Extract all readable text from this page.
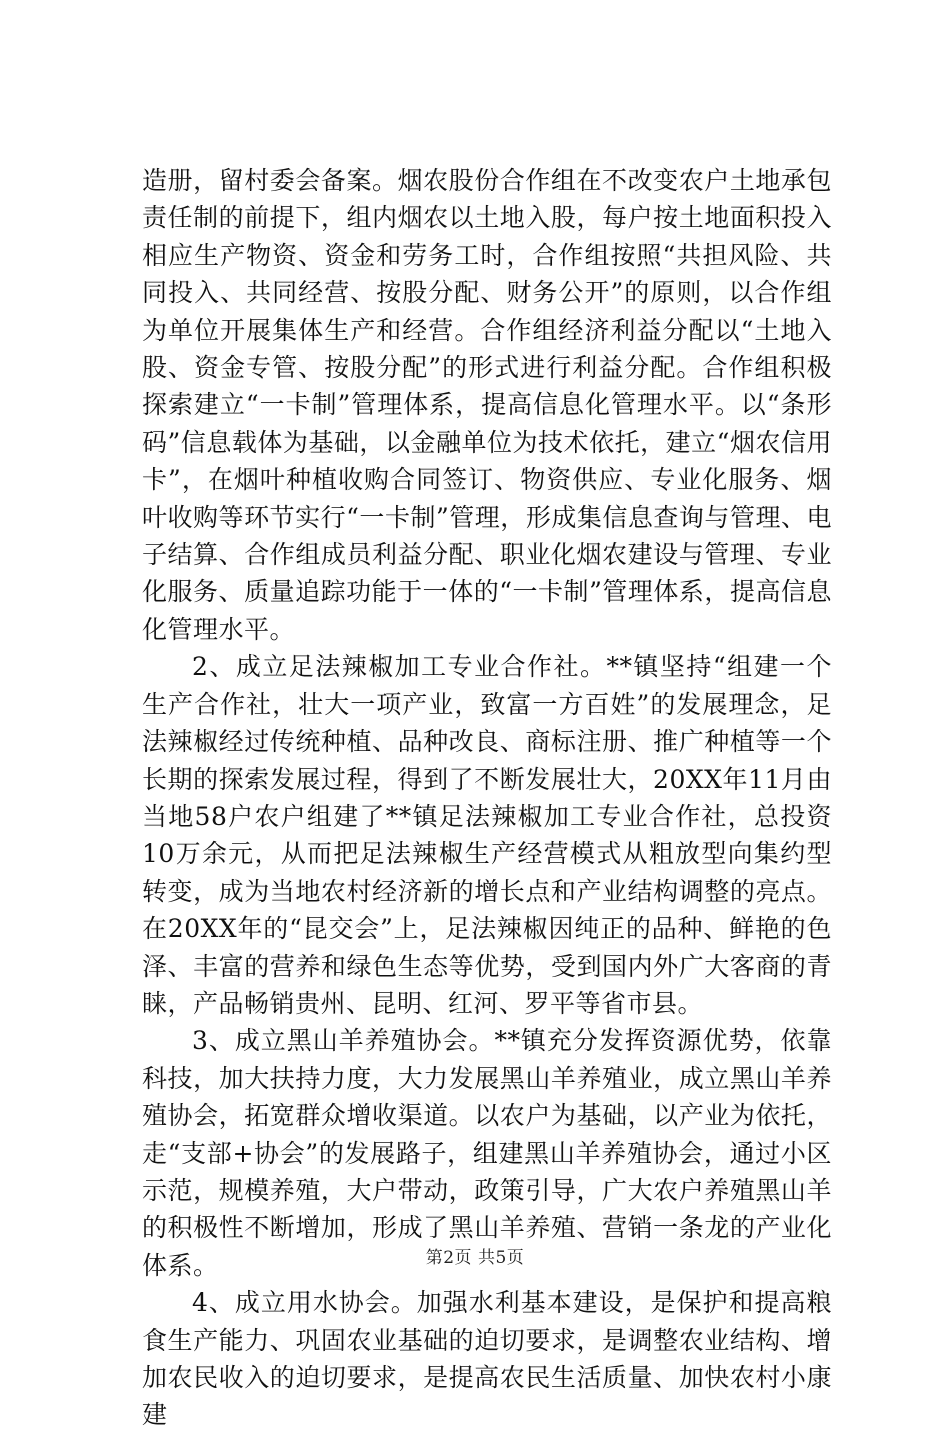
造册，留村委会备案。烟农股份合作组在不改变农户土地承包责任制的前提下，组内烟农以土地入股，每户按土地面积投入相应生产物资、资金和劳务工时，合作组按照“共担风险、共同投入、共同经营、按股分配、财务公开”的原则，以合作组为单位开展集体生产和经营。合作组经济利益分配以“土地入股、资金专管、按股分配”的形式进行利益分配。合作组积极探索建立“一卡制”管理体系，提高信息化管理水平。以“条形码”信息载体为基础，以金融单位为技术依托，建立“烟农信用卡”，在烟叶种植收购合同签订、物资供应、专业化服务、烟叶收购等环节实行“一卡制”管理，形成集信息查询与管理、电子结算、合作组成员利益分配、职业化烟农建设与管理、专业化服务、质量追踪功能于一体的“一卡制”管理体系，提高信息化管理水平。

2、成立足法辣椒加工专业合作社。**镇坚持“组建一个生产合作社，壮大一项产业，致富一方百姓”的发展理念，足法辣椒经过传统种植、品种改良、商标注册、推广种植等一个长期的探索发展过程，得到了不断发展壮大，20XX年11月由当地58户农户组建了**镇足法辣椒加工专业合作社，总投资10万余元，从而把足法辣椒生产经营模式从粗放型向集约型转变，成为当地农村经济新的增长点和产业结构调整的亮点。在20XX年的“昆交会”上，足法辣椒因纯正的品种、鲜艳的色泽、丰富的营养和绿色生态等优势，受到国内外广大客商的青睐，产品畅销贵州、昆明、红河、罗平等省市县。

3、成立黑山羊养殖协会。**镇充分发挥资源优势，依靠科技，加大扶持力度，大力发展黑山羊养殖业，成立黑山羊养殖协会，拓宽群众增收渠道。以农户为基础，以产业为依托，走“支部+协会”的发展路子，组建黑山羊养殖协会，通过小区示范，规模养殖，大户带动，政策引导，广大农户养殖黑山羊的积极性不断增加，形成了黑山羊养殖、营销一条龙的产业化体系。

4、成立用水协会。加强水利基本建设，是保护和提高粮食生产能力、巩固农业基础的迫切要求，是调整农业结构、增加农民收入的迫切要求，是提高农民生活质量、加快农村小康建

第2页 共5页
